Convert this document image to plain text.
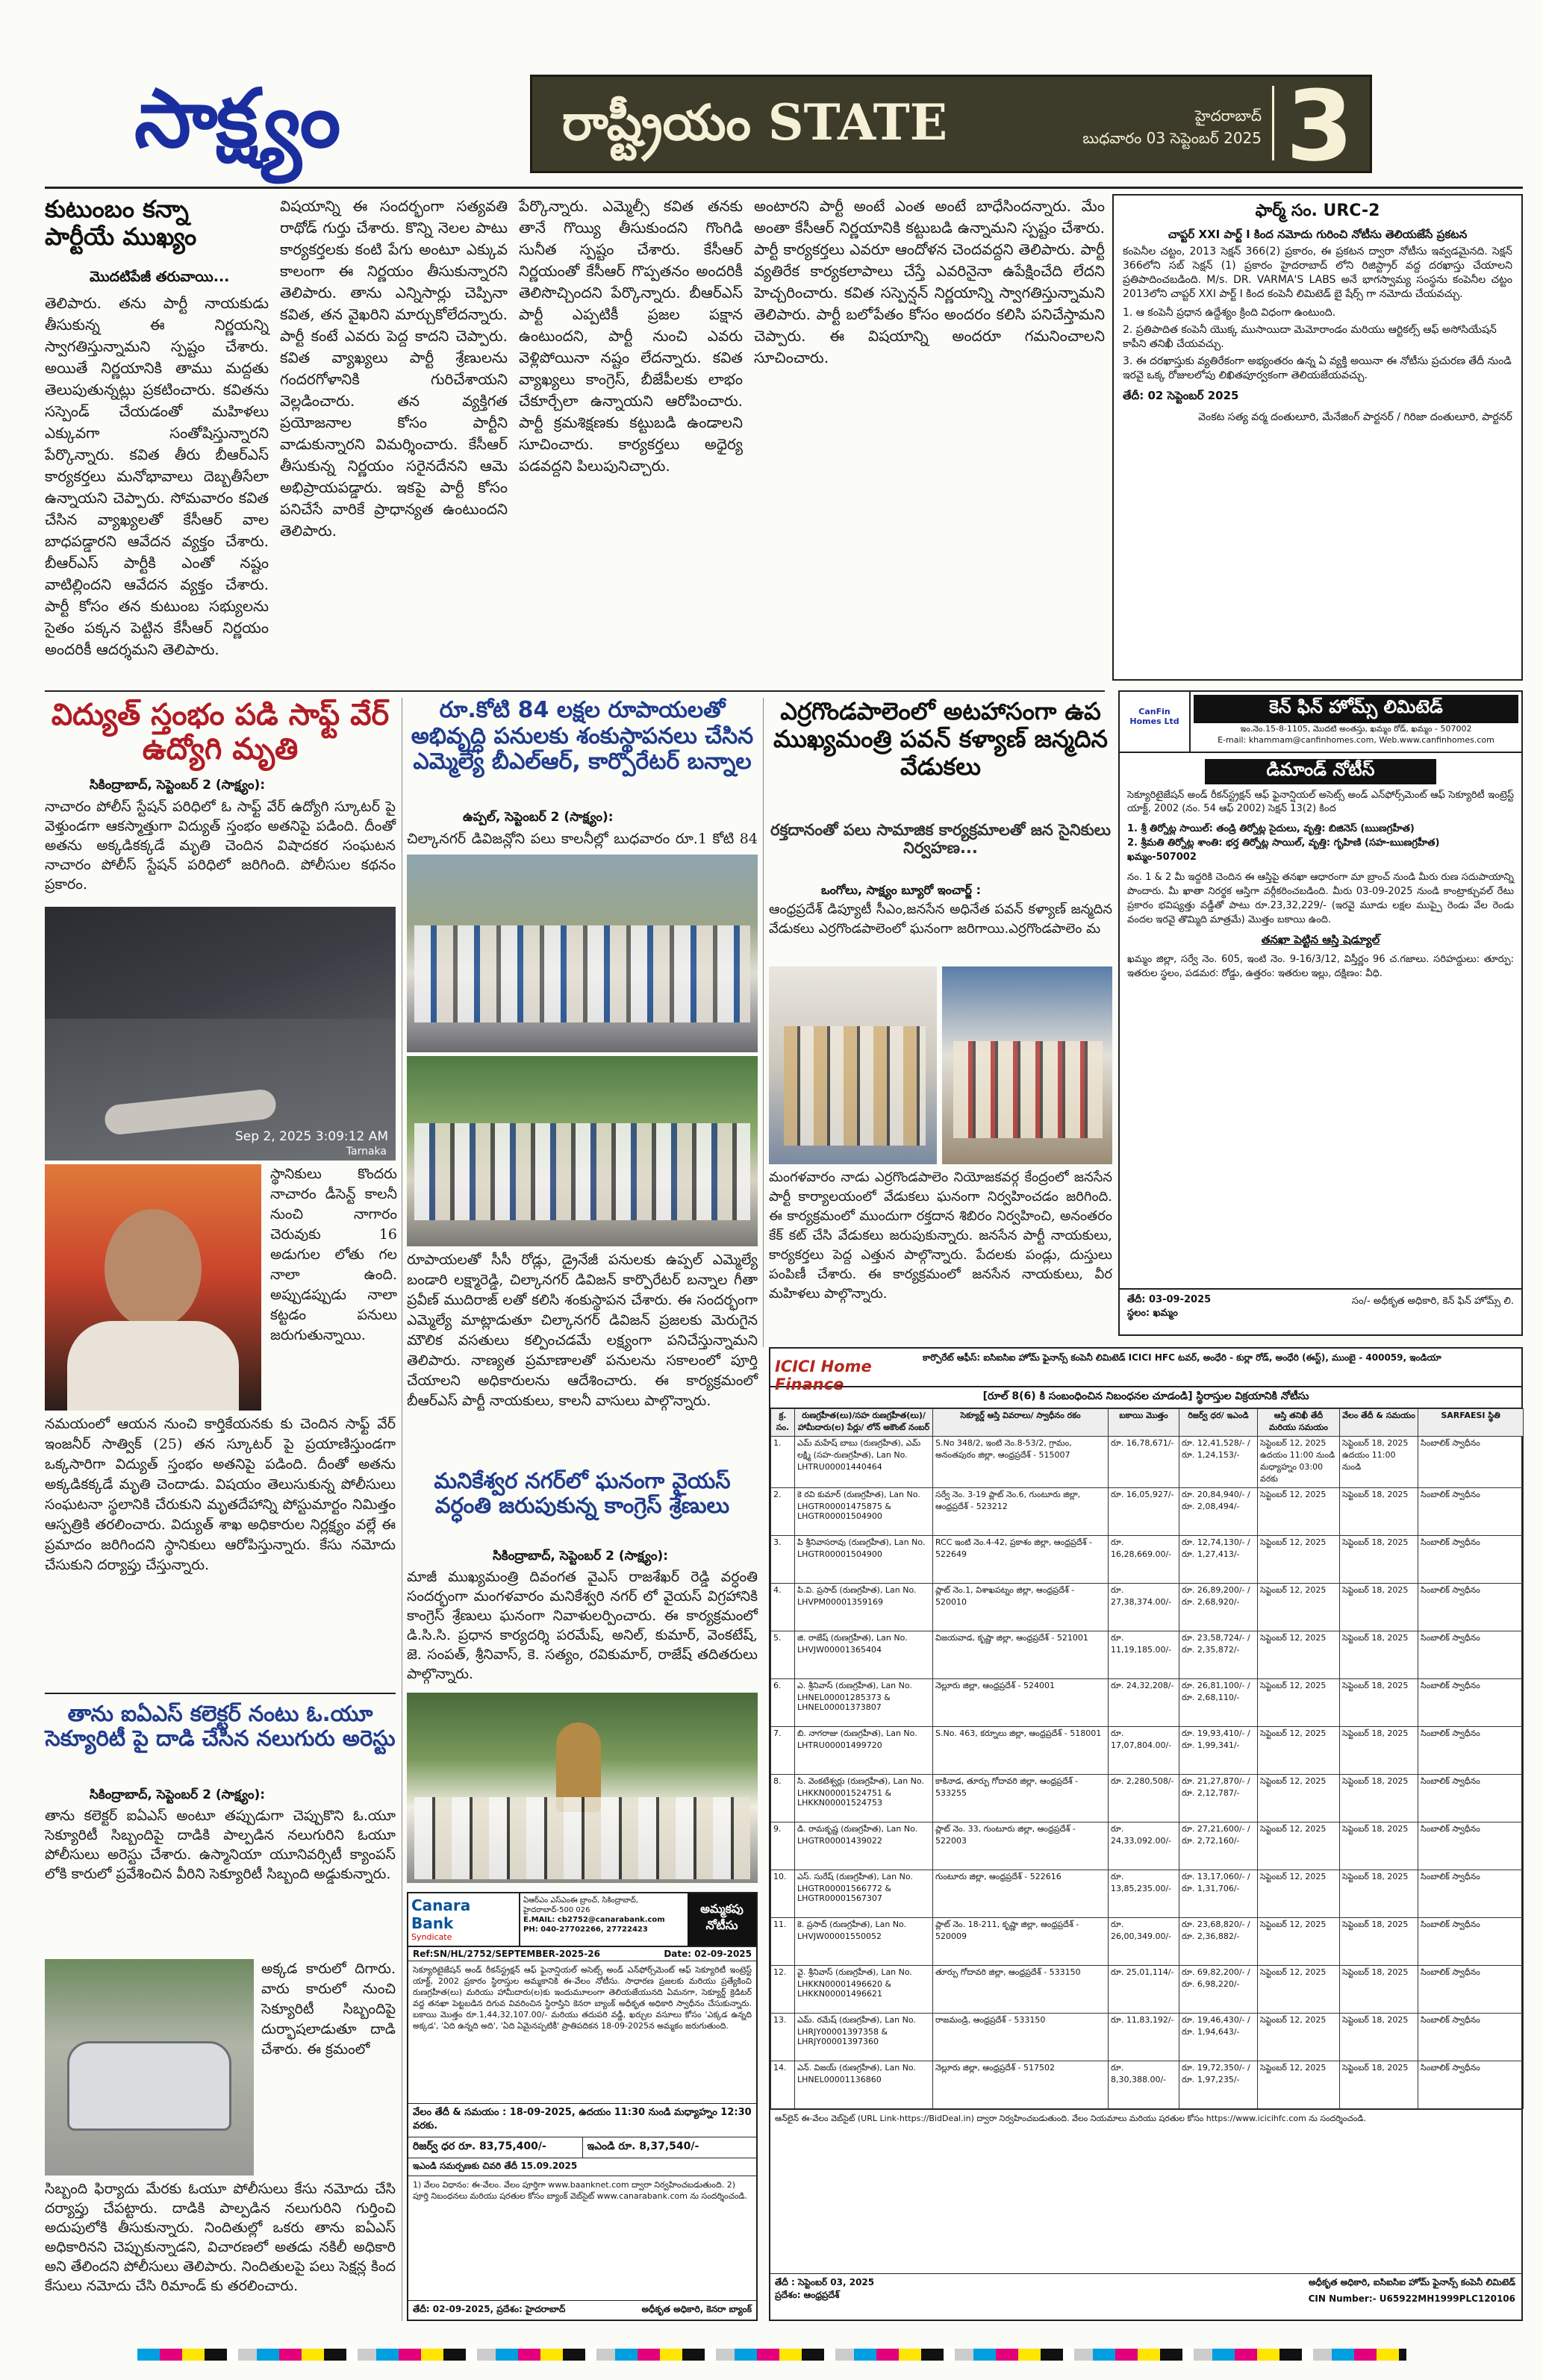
సాక్ష్యం	రాష్ట్రీయం STATE	హైదరాబాద్
బుధవారం 03 సెప్టెంబర్ 2025 3
కుటుంబం కన్నా పార్టీయే ముఖ్యం
మొదటిపేజీ తరువాయి...
తెలిపారు. తను పార్టీ నాయకుడు తీసుకున్న ఈ నిర్ణయన్ని స్వాగతిస్తున్నామని స్పష్టం చేశారు. అయితే నిర్ణయానికి తాము మద్దతు తెలుపుతున్నట్లు ప్రకటించారు. కవితను సస్పెండ్ చేయడంతో మహిళలు ఎక్కువగా సంతోషిస్తున్నారని పేర్కొన్నారు. కవిత తీరు బీఆర్ఎస్ కార్యకర్తలు మనోభావాలు దెబ్బతీసేలా ఉన్నాయని చెప్పారు. సోమవారం కవిత చేసిన వ్యాఖ్యలతో కేసీఆర్ వాల బాధపడ్డారని ఆవేదన వ్యక్తం చేశారు. బీఆర్ఎస్ పార్టీకి ఎంతో నష్టం వాటిల్లిందని ఆవేదన వ్యక్తం చేశారు. పార్టీ కోసం తన కుటుంబ సభ్యులను సైతం పక్కన పెట్టిన కేసీఆర్ నిర్ణయం అందరికీ ఆదర్శమని తెలిపారు.
విషయాన్ని ఈ సందర్భంగా సత్యవతి రాథోడ్ గుర్తు చేశారు. కొన్ని నెలల పాటు కార్యకర్తలకు కంటి పేగు అంటూ ఎక్కువ కాలంగా ఈ నిర్ణయం తీసుకున్నారని తెలిపారు. తాను ఎన్నిసార్లు చెప్పినా కవిత, తన వైఖరిని మార్చుకోలేదన్నారు. పార్టీ కంటే ఎవరు పెద్ద కాదని చెప్పారు. కవిత వ్యాఖ్యలు పార్టీ శ్రేణులను గందరగోళానికి గురిచేశాయని వెల్లడించారు. తన వ్యక్తిగత ప్రయోజనాల కోసం పార్టీని వాడుకున్నారని విమర్శించారు. కేసీఆర్ తీసుకున్న నిర్ణయం సరైనదేనని ఆమె అభిప్రాయపడ్డారు. ఇకపై పార్టీ కోసం పనిచేసే వారికే ప్రాధాన్యత ఉంటుందని తెలిపారు.
పేర్కొన్నారు. ఎమ్మెల్సీ కవిత తనకు తానే గొయ్యి తీసుకుందని గొంగిడి సునీత స్పష్టం చేశారు. కేసీఆర్ నిర్ణయంతో కేసీఆర్ గొప్పతనం అందరికీ తెలిసొచ్చిందని పేర్కొన్నారు. బీఆర్ఎస్ పార్టీ ఎప్పటికీ ప్రజల పక్షాన ఉంటుందని, పార్టీ నుంచి ఎవరు వెళ్లిపోయినా నష్టం లేదన్నారు. కవిత వ్యాఖ్యలు కాంగ్రెస్, బీజేపీలకు లాభం చేకూర్చేలా ఉన్నాయని ఆరోపించారు. పార్టీ క్రమశిక్షణకు కట్టుబడి ఉండాలని సూచించారు. కార్యకర్తలు అధైర్య పడవద్దని పిలుపునిచ్చారు.
అంటారని పార్టీ అంటే ఎంత అంటే బాధేసిందన్నారు. మేం అంతా కేసీఆర్ నిర్ణయానికి కట్టుబడి ఉన్నామని స్పష్టం చేశారు. పార్టీ కార్యకర్తలు ఎవరూ ఆందోళన చెందవద్దని తెలిపారు. పార్టీ వ్యతిరేక కార్యకలాపాలు చేస్తే ఎవరినైనా ఉపేక్షించేది లేదని హెచ్చరించారు. కవిత సస్పెన్షన్ నిర్ణయాన్ని స్వాగతిస్తున్నామని తెలిపారు. పార్టీ బలోపేతం కోసం అందరం కలిసి పనిచేస్తామని చెప్పారు. ఈ విషయాన్ని అందరూ గమనించాలని సూచించారు.
ఫార్మ్ సం. URC-2
చాప్టర్ XXI పార్ట్ I కింద నమోదు గురించి నోటీసు తెలియజేసే ప్రకటన
కంపెనీల చట్టం, 2013 సెక్షన్ 366(2) ప్రకారం, ఈ ప్రకటన ద్వారా నోటీసు ఇవ్వడమైనది. సెక్షన్ 366లోని సబ్ సెక్షన్ (1) ప్రకారం హైదరాబాద్ లోని రిజిస్ట్రార్ వద్ద దరఖాస్తు చేయాలని ప్రతిపాదించబడింది. M/s. DR. VARMA'S LABS అనే భాగస్వామ్య సంస్థను కంపెనీల చట్టం 2013లోని చాప్టర్ XXI పార్ట్ I కింద కంపెనీ లిమిటెడ్ బై షేర్స్ గా నమోదు చేయవచ్చు.
1. ఆ కంపెనీ ప్రధాన ఉద్దేశ్యం క్రింది విధంగా ఉంటుంది.
2. ప్రతిపాదిత కంపెనీ యొక్క ముసాయిదా మెమోరాండం మరియు ఆర్టికల్స్ ఆఫ్ అసోసియేషన్ కాపీని తనిఖీ చేయవచ్చు.
3. ఈ దరఖాస్తుకు వ్యతిరేకంగా అభ్యంతరం ఉన్న ఏ వ్యక్తి అయినా ఈ నోటీసు ప్రచురణ తేదీ నుండి ఇరవై ఒక్క రోజులలోపు లిఖితపూర్వకంగా తెలియజేయవచ్చు.
తేదీ: 02 సెప్టెంబర్ 2025
వెంకట సత్య వర్మ దంతులూరి, మేనేజింగ్ పార్టనర్ / గిరిజా దంతులూరి, పార్టనర్
విద్యుత్ స్తంభం పడి సాఫ్ట్ వేర్ ఉద్యోగి మృతి
సికింద్రాబాద్, సెప్టెంబర్ 2 (సాక్ష్యం):
నాచారం పోలీస్ స్టేషన్ పరిధిలో ఓ సాఫ్ట్ వేర్ ఉద్యోగి స్కూటర్ పై వెళ్తుండగా ఆకస్మాత్తుగా విద్యుత్ స్తంభం అతనిపై పడింది. దీంతో అతను అక్కడికక్కడే మృతి చెందిన విషాదకర సంఘటన నాచారం పోలీస్ స్టేషన్ పరిధిలో జరిగింది. పోలీసుల కథనం ప్రకారం.
Sep 2, 2025 3:09:12 AM
Tarnaka
స్థానికులు కొందరు నాచారం డీసెన్ట్ కాలనీ నుంచి నాగారం చెరువుకు 16 అడుగుల లోతు గల నాలా ఉంది. అప్పుడప్పుడు నాలా కట్టడం పనులు జరుగుతున్నాయి.
నమయంలో ఆయన నుంచి కార్తికేయనకు కు చెందిన సాఫ్ట్ వేర్ ఇంజనీర్ సాత్విక్ (25) తన స్కూటర్ పై ప్రయాణిస్తుండగా ఒక్కసారిగా విద్యుత్ స్తంభం అతనిపై పడింది. దీంతో అతను అక్కడికక్కడే మృతి చెందాడు. విషయం తెలుసుకున్న పోలీసులు సంఘటనా స్థలానికి చేరుకుని మృతదేహాన్ని పోస్టుమార్టం నిమిత్తం ఆస్పత్రికి తరలించారు. విద్యుత్ శాఖ అధికారుల నిర్లక్ష్యం వల్లే ఈ ప్రమాదం జరిగిందని స్థానికులు ఆరోపిస్తున్నారు. కేసు నమోదు చేసుకుని దర్యాప్తు చేస్తున్నారు.
రూ.కోటి 84 లక్షల రూపాయలతో అభివృద్ధి పనులకు శంకుస్థాపనలు చేసిన ఎమ్మెల్యే బీఎల్ఆర్, కార్పొరేటర్ బన్నాల
ఉప్పల్, సెప్టెంబర్ 2 (సాక్ష్యం):
చిల్కానగర్ డివిజన్లోని పలు కాలనీల్లో బుధవారం రూ.1 కోటి 84
రూపాయలతో సీసీ రోడ్లు, డ్రైనేజీ పనులకు ఉప్పల్ ఎమ్మెల్యే బండారి లక్ష్మారెడ్డి, చిల్కానగర్ డివిజన్ కార్పొరేటర్ బన్నాల గీతా ప్రవీణ్ ముదిరాజ్ లతో కలిసి శంకుస్థాపన చేశారు. ఈ సందర్భంగా ఎమ్మెల్యే మాట్లాడుతూ చిల్కానగర్ డివిజన్ ప్రజలకు మెరుగైన మౌలిక వసతులు కల్పించడమే లక్ష్యంగా పనిచేస్తున్నామని తెలిపారు. నాణ్యత ప్రమాణాలతో పనులను సకాలంలో పూర్తి చేయాలని అధికారులను ఆదేశించారు. ఈ కార్యక్రమంలో బీఆర్ఎస్ పార్టీ నాయకులు, కాలనీ వాసులు పాల్గొన్నారు.
ఎర్రగొండపాలెంలో అటహాసంగా ఉప ముఖ్యమంత్రి పవన్ కళ్యాణ్ జన్మదిన వేడుకలు
రక్తదానంతో పలు సామాజిక కార్యక్రమాలతో జన సైనికులు నిర్వహణ...
ఒంగోలు, సాక్ష్యం బ్యూరో ఇంచార్జ్ :
ఆంధ్రప్రదేశ్ డిప్యూటీ సీఎం,జనసేన అధినేత పవన్ కళ్యాణ్ జన్మదిన వేడుకలు ఎర్రగొండపాలెంలో ఘనంగా జరిగాయి.ఎర్రగొండపాలెం మ
మంగళవారం నాడు ఎర్రగొండపాలెం నియోజకవర్గ కేంద్రంలో జనసేన పార్టీ కార్యాలయంలో వేడుకలు ఘనంగా నిర్వహించడం జరిగింది. ఈ కార్యక్రమంలో ముందుగా రక్తదాన శిబిరం నిర్వహించి, అనంతరం కేక్ కట్ చేసి వేడుకలు జరుపుకున్నారు. జనసేన పార్టీ నాయకులు, కార్యకర్తలు పెద్ద ఎత్తున పాల్గొన్నారు. పేదలకు పండ్లు, దుస్తులు పంపిణీ చేశారు. ఈ కార్యక్రమంలో జనసేన నాయకులు, వీర మహిళలు పాల్గొన్నారు.
CanFin Homes Ltd
కెన్ ఫిన్ హోమ్స్ లిమిటెడ్
ఇం.నెం.15-8-1105, మొదటి అంతస్తు, ఖమ్మం రోడ్, ఖమ్మం - 507002
E-mail: khammam@canfinhomes.com, Web.www.canfinhomes.com
డిమాండ్ నోటీస్
సెక్యూరిటైజేషన్ అండ్ రీకన్‌స్ట్రక్షన్ ఆఫ్ ఫైనాన్షియల్ అసెట్స్ అండ్ ఎన్‌ఫోర్స్‌మెంట్ ఆఫ్ సెక్యూరిటీ ఇంట్రెస్ట్ యాక్ట్, 2002 (నం. 54 ఆఫ్ 2002) సెక్షన్ 13(2) కింద
1. శ్రీ తిర్నోట్ల సాయిల్: తండ్రి తిర్నోట్ల సైదులు, వృత్తి: బిజినెస్ (ఋణగ్రహీత)
2. శ్రీమతి తిర్నోట్ల శాంతి: భర్త తిర్నోట్ల సాయిల్, వృత్తి: గృహిణి (సహ-ఋణగ్రహీత)
ఖమ్మం-507002
నం. 1 & 2 మీ ఇద్దరికి చెందిన ఈ ఆస్తిపై తనఖా ఆధారంగా మా బ్రాంచ్ నుండి మీరు రుణ సదుపాయాన్ని పొందారు. మీ ఖాతా నిరర్థక ఆస్తిగా వర్గీకరించబడింది. మీరు 03-09-2025 నుండి కాంట్రాక్చువల్ రేటు ప్రకారం భవిష్యత్తు వడ్డీతో పాటు రూ.23,32,229/- (ఇరవై మూడు లక్షల ముప్పై రెండు వేల రెండు వందల ఇరవై తొమ్మిది మాత్రమే) మొత్తం బకాయి ఉంది.
తనఖా పెట్టిన ఆస్తి షెడ్యూల్
ఖమ్మం జిల్లా, సర్వే నెం. 605, ఇంటి నెం. 9-16/3/12, విస్తీర్ణం 96 చ.గజాలు. సరిహద్దులు: తూర్పు: ఇతరుల స్థలం, పడమర: రోడ్డు, ఉత్తరం: ఇతరుల ఇల్లు, దక్షిణం: వీధి.
తేదీ: 03-09-2025
స్థలం: ఖమ్మం
సం/- అధీకృత అధికారి, కెన్ ఫిన్ హోమ్స్ లి.
మనికేశ్వర నగర్‌లో ఘనంగా వైయస్ వర్ధంతి జరుపుకున్న కాంగ్రెస్ శ్రేణులు
సికింద్రాబాద్, సెప్టెంబర్ 2 (సాక్ష్యం):
మాజీ ముఖ్యమంత్రి దివంగత వైఎస్ రాజశేఖర్ రెడ్డి వర్ధంతి సందర్భంగా మంగళవారం మనికేశ్వరి నగర్ లో వైయస్ విగ్రహానికి కాంగ్రెస్ శ్రేణులు ఘనంగా నివాళులర్పించారు. ఈ కార్యక్రమంలో డి.సి.సి. ప్రధాన కార్యదర్శి పరమేష్, అనిల్, కుమార్, వెంకటేష్, జె. సంపత్, శ్రీనివాస్, కె. సత్యం, రవికుమార్, రాజేష్ తదితరులు పాల్గొన్నారు.
తాను ఐఏఎస్ కలెక్టర్ నంటు ఓ.యూ సెక్యూరిటీ పై దాడి చేసిన నలుగురు అరెస్టు
సికింద్రాబాద్, సెప్టెంబర్ 2 (సాక్ష్యం):
తాను కలెక్టర్ ఐఏఎస్ అంటూ తప్పుడుగా చెప్పుకొని ఓ.యూ సెక్యూరిటీ సిబ్బందిపై దాడికి పాల్పడిన నలుగురిని ఓయూ పోలీసులు అరెస్టు చేశారు. ఉస్మానియా యూనివర్సిటీ క్యాంపస్ లోకి కారులో ప్రవేశించిన వీరిని సెక్యూరిటీ సిబ్బంది అడ్డుకున్నారు.
అక్కడ కారులో దిగారు. వారు కారులో నుంచి సెక్యూరిటీ సిబ్బందిపై దుర్భాషలాడుతూ దాడి చేశారు. ఈ క్రమంలో
సిబ్బంది ఫిర్యాదు మేరకు ఓయూ పోలీసులు కేసు నమోదు చేసి దర్యాప్తు చేపట్టారు. దాడికి పాల్పడిన నలుగురిని గుర్తించి అదుపులోకి తీసుకున్నారు. నిందితుల్లో ఒకరు తాను ఐఏఎస్ అధికారినని చెప్పుకున్నాడని, విచారణలో అతడు నకిలీ అధికారి అని తేలిందని పోలీసులు తెలిపారు. నిందితులపై పలు సెక్షన్ల కింద కేసులు నమోదు చేసి రిమాండ్ కు తరలించారు.
Canara Bank
Syndicate
ఏఆర్ఎం ఎస్ఎంఈ బ్రాంచ్, సికింద్రాబాద్, హైదరాబాద్-500 026
E.MAIL: cb2752@canarabank.com
PH: 040-27702266, 27722423
అమ్మకపు నోటీసు
Ref:SN/HL/2752/SEPTEMBER-2025-26	Date: 02-09-2025
సెక్యూరిటైజేషన్ అండ్ రీకన్‌స్ట్రక్షన్ ఆఫ్ ఫైనాన్షియల్ అసెట్స్ అండ్ ఎన్‌ఫోర్స్‌మెంట్ ఆఫ్ సెక్యూరిటీ ఇంట్రెస్ట్ యాక్ట్, 2002 ప్రకారం స్థిరాస్తుల అమ్మకానికి ఈ-వేలం నోటీసు. సాధారణ ప్రజలకు మరియు ప్రత్యేకించి రుణగ్రహీత(లు) మరియు హామీదారు(ల)కు ఇందుమూలంగా తెలియజేయునది ఏమనగా, సెక్యూర్డ్ క్రెడిటర్ వద్ద తనఖా పెట్టబడిన దిగువ వివరించిన స్థిరాస్తిని కెనరా బ్యాంక్ అధీకృత అధికారి స్వాధీనం చేసుకున్నారు. బకాయి మొత్తం రూ.1,44,32,107.00/- మరియు తదుపరి వడ్డీ, ఖర్చుల వసూలు కోసం 'ఎక్కడ ఉన్నది అక్కడ', 'ఏది ఉన్నది అది', 'ఏది ఏమైనప్పటికీ' ప్రాతిపదికన 18-09-2025న అమ్మకం జరుగుతుంది.
వేలం తేదీ & సమయం : 18-09-2025, ఉదయం 11:30 నుండి మధ్యాహ్నం 12:30 వరకు.
రిజర్వ్ ధర రూ. 83,75,400/-	ఇఎండి రూ. 8,37,540/-
ఇఎండి సమర్పణకు చివరి తేదీ 15.09.2025
1) వేలం విధానం: ఈ-వేలం. వేలం పూర్తిగా www.baanknet.com ద్వారా నిర్వహించబడుతుంది. 2) పూర్తి నిబంధనలు మరియు షరతుల కోసం బ్యాంక్ వెబ్‌సైట్ www.canarabank.com ను సందర్శించండి.
తేదీ: 02-09-2025, ప్రదేశం: హైదరాబాద్	అధీకృత అధికారి, కెనరా బ్యాంక్
ICICI Home Finance
కార్పొరేట్ ఆఫీస్: ఐసిఐసిఐ హోమ్ ఫైనాన్స్ కంపెనీ లిమిటెడ్ ICICI HFC టవర్, అంధేరి - కుర్లా రోడ్, అంధేరి (ఈస్ట్), ముంబై - 400059, ఇండియా
[రూల్ 8(6) కి సంబంధించిన నిబంధనల చూడండి] స్థిరాస్తుల విక్రయానికి నోటీసు
క్ర. సం.	రుణగ్రహీత(లు)/సహ రుణగ్రహీత(లు)/ హామీదారు(ల) పేర్లు/ లోన్ అకౌంట్ నంబర్	సెక్యూర్డ్ ఆస్తి వివరాలు/ స్వాధీనం రకం	బకాయి మొత్తం	రిజర్వ్ ధర/ ఇఎండి	ఆస్తి తనిఖీ తేదీ మరియు సమయం	వేలం తేదీ & సమయం	SARFAESI స్థితి
1.	ఎమ్ మహేష్ బాబు (రుణగ్రహీత), ఎమ్ లక్ష్మి (సహ-రుణగ్రహీత), Lan No. LHTRU00001440464	S.No 348/2, ఇంటి నెం.8-53/2, గ్రామం, అనంతపురం జిల్లా, ఆంధ్రప్రదేశ్ - 515007	రూ. 16,78,671/-	రూ. 12,41,528/- / రూ. 1,24,153/-	సెప్టెంబర్ 12, 2025 ఉదయం 11:00 నుండి మధ్యాహ్నం 03:00 వరకు	సెప్టెంబర్ 18, 2025 ఉదయం 11:00 నుండి	సింబాలిక్ స్వాధీనం
2.	కె రవి కుమార్ (రుణగ్రహీత), Lan No. LHGTR00001475875 & LHGTR00001504900	సర్వే నెం. 3-19 ప్లాట్ నెం.6, గుంటూరు జిల్లా, ఆంధ్రప్రదేశ్ - 523212	రూ. 16,05,927/-	రూ. 20,84,940/- / రూ. 2,08,494/-	సెప్టెంబర్ 12, 2025	సెప్టెంబర్ 18, 2025	సింబాలిక్ స్వాధీనం
3.	పి శ్రీనివాసరావు (రుణగ్రహీత), Lan No. LHGTR00001504900	RCC ఇంటి నెం.4-42, ప్రకాశం జిల్లా, ఆంధ్రప్రదేశ్ - 522649	రూ. 16,28,669.00/-	రూ. 12,74,130/- / రూ. 1,27,413/-	సెప్టెంబర్ 12, 2025	సెప్టెంబర్ 18, 2025	సింబాలిక్ స్వాధీనం
4.	పి.వి. ప్రసాద్ (రుణగ్రహీత), Lan No. LHVPM00001359169	ప్లాట్ నెం.1, విశాఖపట్నం జిల్లా, ఆంధ్రప్రదేశ్ - 520010	రూ. 27,38,374.00/-	రూ. 26,89,200/- / రూ. 2,68,920/-	సెప్టెంబర్ 12, 2025	సెప్టెంబర్ 18, 2025	సింబాలిక్ స్వాధీనం
5.	జి. రాజేష్ (రుణగ్రహీత), Lan No. LHVJW00001365404	విజయవాడ, కృష్ణా జిల్లా, ఆంధ్రప్రదేశ్ - 521001	రూ. 11,19,185.00/-	రూ. 23,58,724/- / రూ. 2,35,872/-	సెప్టెంబర్ 12, 2025	సెప్టెంబర్ 18, 2025	సింబాలిక్ స్వాధీనం
6.	ఎ. శ్రీనివాస్ (రుణగ్రహీత), Lan No. LHNEL00001285373 & LHNEL00001373807	నెల్లూరు జిల్లా, ఆంధ్రప్రదేశ్ - 524001	రూ. 24,32,208/-	రూ. 26,81,100/- / రూ. 2,68,110/-	సెప్టెంబర్ 12, 2025	సెప్టెంబర్ 18, 2025	సింబాలిక్ స్వాధీనం
7.	బి. నాగరాజు (రుణగ్రహీత), Lan No. LHTRU00001499720	S.No. 463, కర్నూలు జిల్లా, ఆంధ్రప్రదేశ్ - 518001	రూ. 17,07,804.00/-	రూ. 19,93,410/- / రూ. 1,99,341/-	సెప్టెంబర్ 12, 2025	సెప్టెంబర్ 18, 2025	సింబాలిక్ స్వాధీనం
8.	సి. వెంకటేశ్వర్లు (రుణగ్రహీత), Lan No. LHKKN00001524751 & LHKKN00001524753	కాకినాడ, తూర్పు గోదావరి జిల్లా, ఆంధ్రప్రదేశ్ - 533255	రూ. 2,280,508/-	రూ. 21,27,870/- / రూ. 2,12,787/-	సెప్టెంబర్ 12, 2025	సెప్టెంబర్ 18, 2025	సింబాలిక్ స్వాధీనం
9.	డి. రామకృష్ణ (రుణగ్రహీత), Lan No. LHGTR00001439022	ప్లాట్ నెం. 33, గుంటూరు జిల్లా, ఆంధ్రప్రదేశ్ - 522003	రూ. 24,33,092.00/-	రూ. 27,21,600/- / రూ. 2,72,160/-	సెప్టెంబర్ 12, 2025	సెప్టెంబర్ 18, 2025	సింబాలిక్ స్వాధీనం
10.	ఎస్. సురేష్ (రుణగ్రహీత), Lan No. LHGTR00001566772 & LHGTR00001567307	గుంటూరు జిల్లా, ఆంధ్రప్రదేశ్ - 522616	రూ. 13,85,235.00/-	రూ. 13,17,060/- / రూ. 1,31,706/-	సెప్టెంబర్ 12, 2025	సెప్టెంబర్ 18, 2025	సింబాలిక్ స్వాధీనం
11.	కె. ప్రసాద్ (రుణగ్రహీత), Lan No. LHVJW00001550052	ప్లాట్ నెం. 18-211, కృష్ణా జిల్లా, ఆంధ్రప్రదేశ్ - 520009	రూ. 26,00,349.00/-	రూ. 23,68,820/- / రూ. 2,36,882/-	సెప్టెంబర్ 12, 2025	సెప్టెంబర్ 18, 2025	సింబాలిక్ స్వాధీనం
12.	వై. శ్రీనివాస్ (రుణగ్రహీత), Lan No. LHKKN00001496620 & LHKKN00001496621	తూర్పు గోదావరి జిల్లా, ఆంధ్రప్రదేశ్ - 533150	రూ. 25,01,114/-	రూ. 69,82,200/- / రూ. 6,98,220/-	సెప్టెంబర్ 12, 2025	సెప్టెంబర్ 18, 2025	సింబాలిక్ స్వాధీనం
13.	ఎమ్. రమేష్ (రుణగ్రహీత), Lan No. LHRJY00001397358 & LHRJY00001397360	రాజమండ్రి, ఆంధ్రప్రదేశ్ - 533150	రూ. 11,83,192/-	రూ. 19,46,430/- / రూ. 1,94,643/-	సెప్టెంబర్ 12, 2025	సెప్టెంబర్ 18, 2025	సింబాలిక్ స్వాధీనం
14.	ఎన్. విజయ్ (రుణగ్రహీత), Lan No. LHNEL00001136860	నెల్లూరు జిల్లా, ఆంధ్రప్రదేశ్ - 517502	రూ. 8,30,388.00/-	రూ. 19,72,350/- / రూ. 1,97,235/-	సెప్టెంబర్ 12, 2025	సెప్టెంబర్ 18, 2025	సింబాలిక్ స్వాధీనం
ఆన్‌లైన్ ఈ-వేలం వెబ్‌సైట్ (URL Link-https://BidDeal.in) ద్వారా నిర్వహించబడుతుంది. వేలం నియమాలు మరియు షరతుల కోసం https://www.icicihfc.com ను సందర్శించండి.
తేదీ : సెప్టెంబర్ 03, 2025
ప్రదేశం: ఆంధ్రప్రదేశ్
అధీకృత అధికారి, ఐసిఐసిఐ హోమ్ ఫైనాన్స్ కంపెనీ లిమిటెడ్
CIN Number:- U65922MH1999PLC120106
